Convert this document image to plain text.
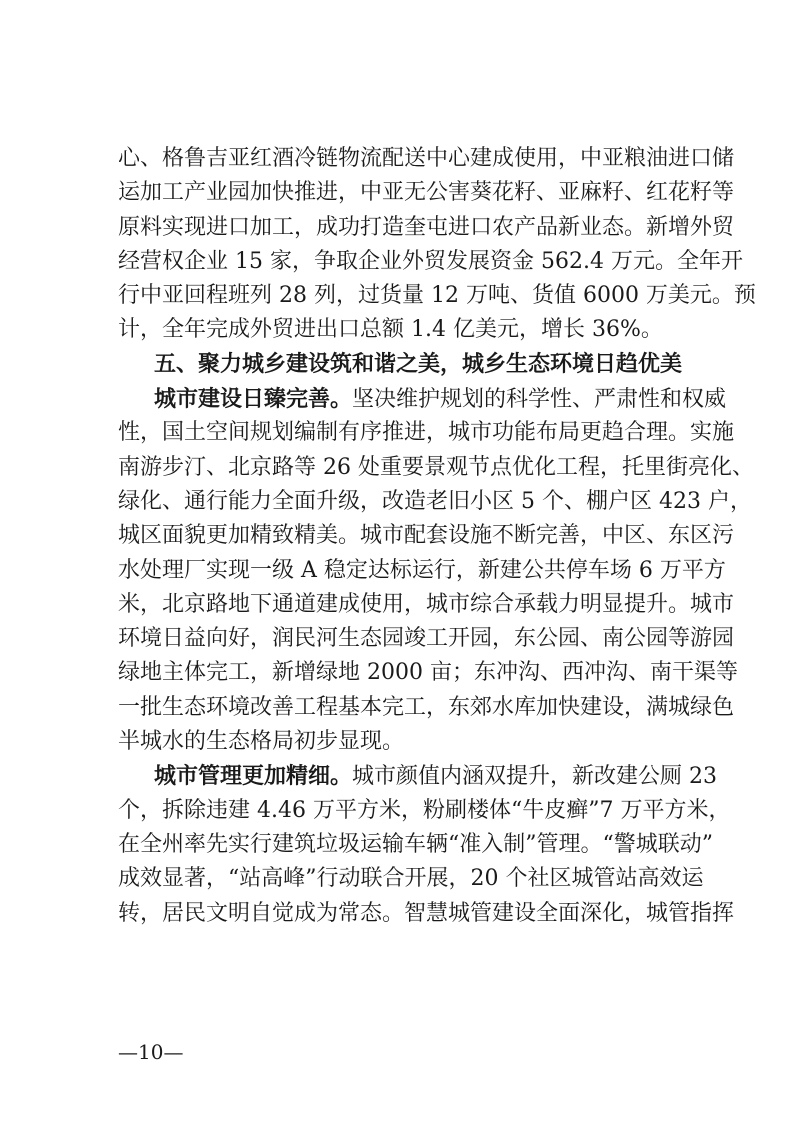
心、格鲁吉亚红酒冷链物流配送中心建成使用，中亚粮油进口储
运加工产业园加快推进，中亚无公害葵花籽、亚麻籽、红花籽等
原料实现进口加工，成功打造奎屯进口农产品新业态。新增外贸
经营权企业 15 家，争取企业外贸发展资金 562.4 万元。全年开
行中亚回程班列 28 列，过货量 12 万吨、货值 6000 万美元。预
计，全年完成外贸进出口总额 1.4 亿美元，增长 36%。
五、聚力城乡建设筑和谐之美，城乡生态环境日趋优美
城市建设日臻完善。坚决维护规划的科学性、严肃性和权威
性，国土空间规划编制有序推进，城市功能布局更趋合理。实施
南游步汀、北京路等 26 处重要景观节点优化工程，托里街亮化、
绿化、通行能力全面升级，改造老旧小区 5 个、棚户区 423 户，
城区面貌更加精致精美。城市配套设施不断完善，中区、东区污
水处理厂实现一级 A 稳定达标运行，新建公共停车场 6 万平方
米，北京路地下通道建成使用，城市综合承载力明显提升。城市
环境日益向好，润民河生态园竣工开园，东公园、南公园等游园
绿地主体完工，新增绿地 2000 亩；东冲沟、西冲沟、南干渠等
一批生态环境改善工程基本完工，东郊水库加快建设，满城绿色
半城水的生态格局初步显现。
城市管理更加精细。城市颜值内涵双提升，新改建公厕 23
个，拆除违建 4.46 万平方米，粉刷楼体“牛皮癣”7 万平方米，
在全州率先实行建筑垃圾运输车辆“准入制”管理。“警城联动”
成效显著，“站高峰”行动联合开展，20 个社区城管站高效运
转，居民文明自觉成为常态。智慧城管建设全面深化，城管指挥
—10—
